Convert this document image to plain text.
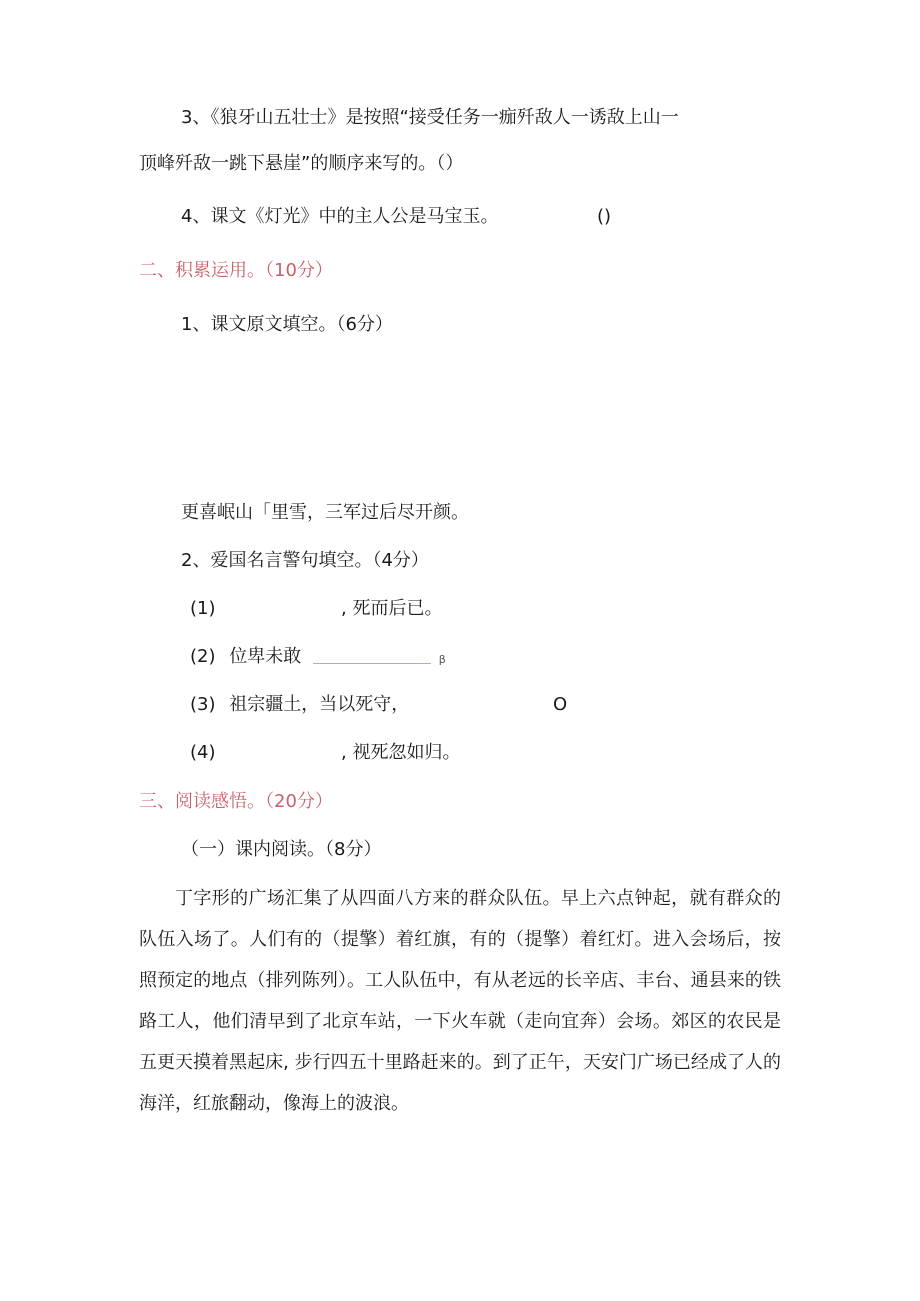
3、《狼牙山五壮士》是按照“接受任务一痂歼敌人一诱敌上山一
顶峰歼敌一跳下悬崖”的顺序来写的。（）
4、课文《灯光》中的主人公是马宝玉。	()
二、积累运用。（10分）
1、课文原文填空。（6分）
更喜岷山「里雪，三军过后尽开颜。
2、爱国名言警句填空。（4分）
(1)	, 死而后已。
(2) 位卑未敢	β
(3) 祖宗疆土，当以死守，	O
(4)	, 视死忽如归。
三、阅读感悟。（20分）
（一）课内阅读。（8分）
丁字形的广场汇集了从四面八方来的群众队伍。早上六点钟起，就有群众的队伍入场了。人们有的（提擎）着红旗，有的（提擎）着红灯。进入会场后，按照预定的地点（排列陈列）。工人队伍中，有从老远的长辛店、丰台、通县来的铁路工人，他们清早到了北京车站，一下火车就（走向宜奔）会场。郊区的农民是五更天摸着黑起床, 步行四五十里路赶来的。到了正午，天安门广场已经成了人的海洋，红旅翻动，像海上的波浪。
